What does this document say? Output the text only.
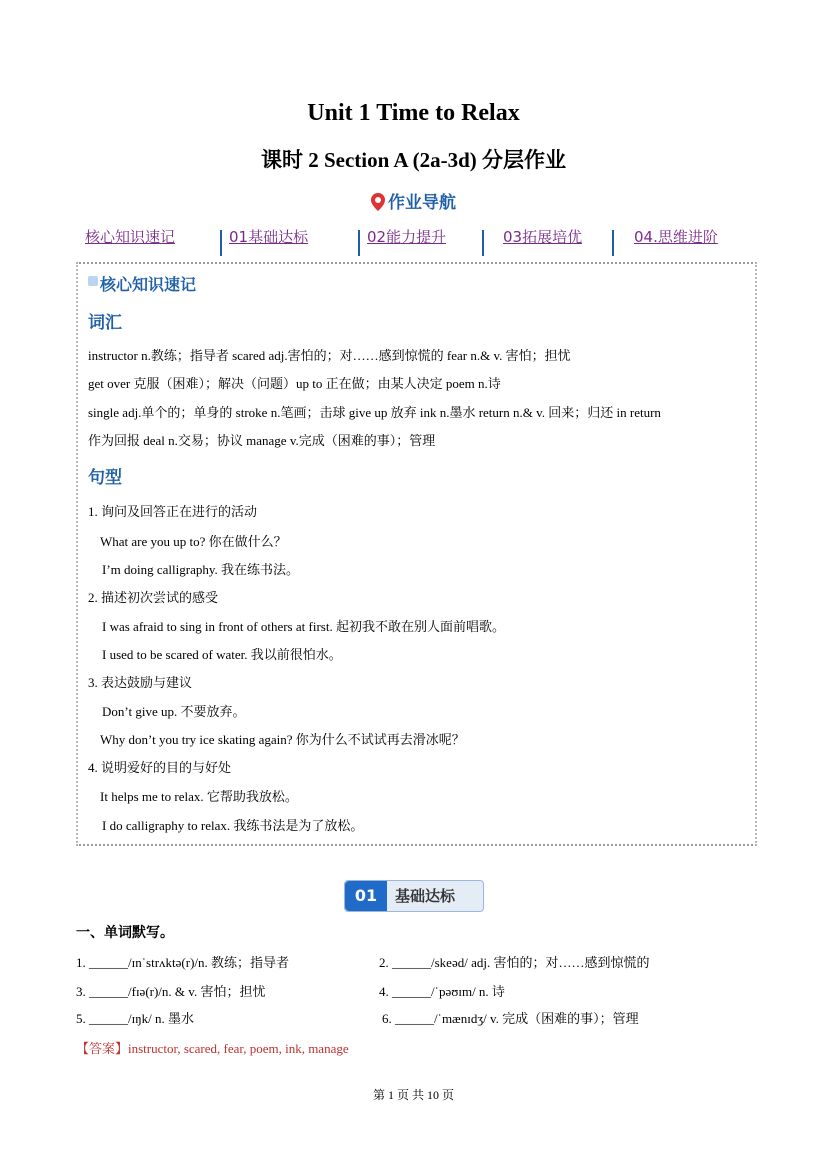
Unit 1 Time to Relax
课时 2 Section A (2a-3d) 分层作业
作业导航
核心知识速记	01基础达标	02能力提升	03拓展培优	04.思维进阶
核心知识速记
词汇
instructor n.教练；指导者 scared adj.害怕的；对……感到惊慌的 fear n.& v. 害怕；担忧
get over 克服（困难）；解决（问题）up to 正在做；由某人决定 poem n.诗
single adj.单个的；单身的 stroke n.笔画；击球 give up 放弃 ink n.墨水 return n.& v. 回来；归还 in return
作为回报 deal n.交易；协议 manage v.完成（困难的事）；管理
句型
1. 询问及回答正在进行的活动
What are you up to? 你在做什么？
I’m doing calligraphy. 我在练书法。
2. 描述初次尝试的感受
I was afraid to sing in front of others at first. 起初我不敢在别人面前唱歌。
I used to be scared of water. 我以前很怕水。
3. 表达鼓励与建议
Don’t give up. 不要放弃。
Why don’t you try ice skating again? 你为什么不试试再去滑冰呢？
4. 说明爱好的目的与好处
It helps me to relax. 它帮助我放松。
I do calligraphy to relax. 我练书法是为了放松。
01	基础达标
一、单词默写。
1. ______/ɪnˈstrʌktə(r)/n. 教练；指导者	2. ______/skeəd/ adj. 害怕的；对……感到惊慌的
3. ______/fɪə(r)/n. & v. 害怕；担忧	4. ______/ˈpəʊɪm/ n. 诗
5. ______/ɪŋk/ n. 墨水	6. ______/ˈmænɪdʒ/ v. 完成（困难的事）；管理
【答案】instructor, scared, fear, poem, ink, manage
第 1 页 共 10 页
